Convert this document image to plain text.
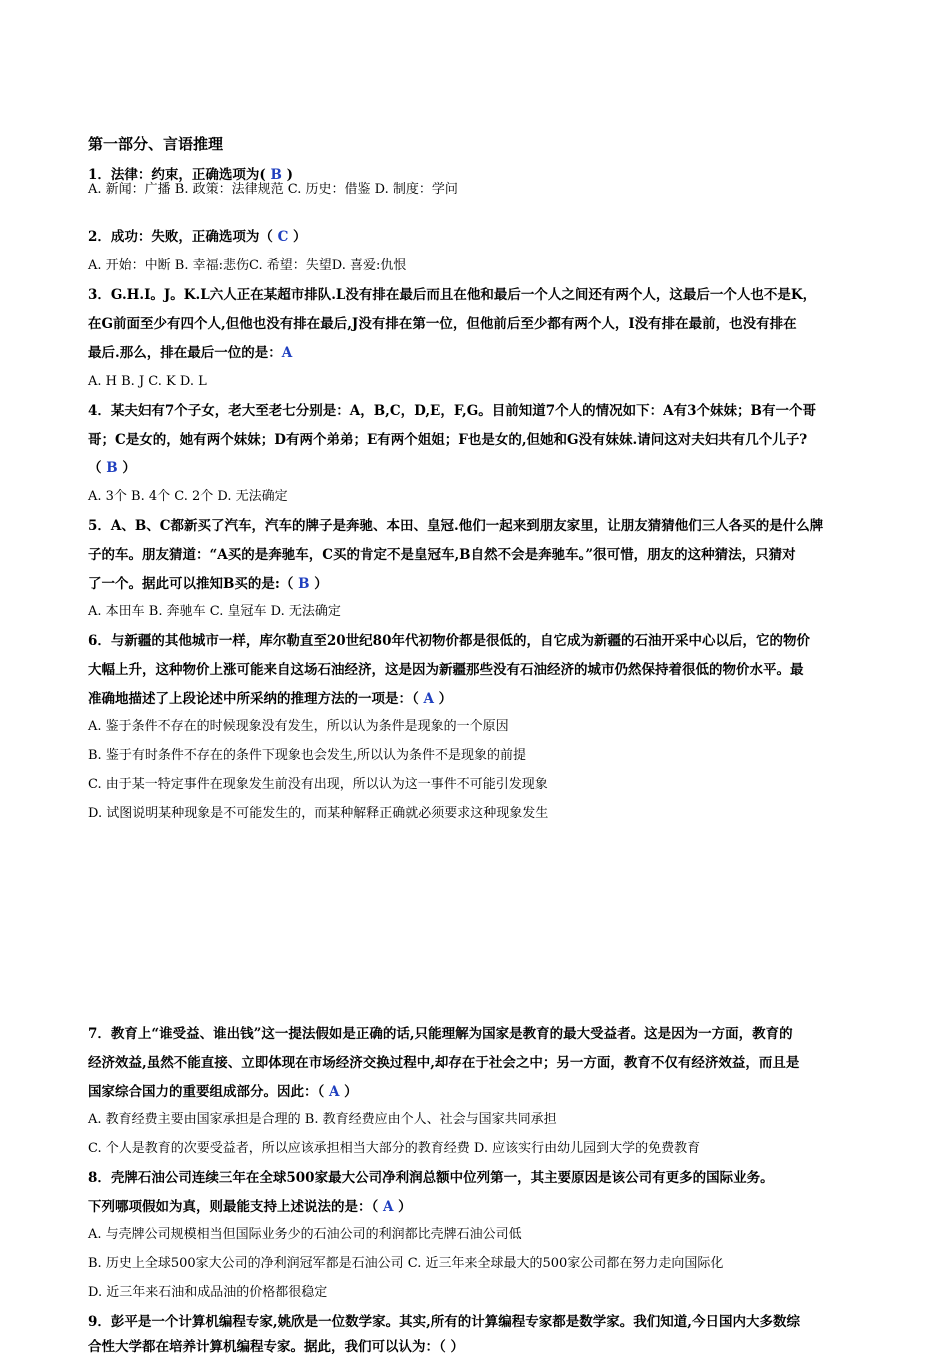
第一部分、言语推理
1．法律：约束，正确选项为( B )
A. 新闻：广播 B. 政策：法律规范 C. 历史：借鉴 D. 制度：学问
2．成功：失败，正确选项为（ C ）
A. 开始：中断 B. 幸福:悲伤C. 希望：失望D. 喜爱:仇恨
3．G.H.I。J。K.L六人正在某超市排队.L没有排在最后而且在他和最后一个人之间还有两个人，这最后一个人也不是K，
在G前面至少有四个人,但他也没有排在最后,J没有排在第一位，但他前后至少都有两个人，I没有排在最前，也没有排在
最后.那么，排在最后一位的是：A
A. H B. J C. K D. L
4．某夫妇有7个子女，老大至老七分别是：A，B,C，D,E，F,G。目前知道7个人的情况如下：A有3个妹妹；B有一个哥
哥；C是女的，她有两个妹妹；D有两个弟弟；E有两个姐姐；F也是女的,但她和G没有妹妹.请问这对夫妇共有几个儿子?
（ B ）
A. 3个 B. 4个 C. 2个 D. 无法确定
5．A、B、C都新买了汽车，汽车的牌子是奔驰、本田、皇冠.他们一起来到朋友家里，让朋友猜猜他们三人各买的是什么牌
子的车。朋友猜道：“A买的是奔驰车，C买的肯定不是皇冠车,B自然不会是奔驰车。”很可惜，朋友的这种猜法，只猜对
了一个。据此可以推知B买的是:（ B ）
A. 本田车 B. 奔驰车 C. 皇冠车 D. 无法确定
6．与新疆的其他城市一样，库尔勒直至20世纪80年代初物价都是很低的，自它成为新疆的石油开采中心以后，它的物价
大幅上升，这种物价上涨可能来自这场石油经济，这是因为新疆那些没有石油经济的城市仍然保持着很低的物价水平。最
准确地描述了上段论述中所采纳的推理方法的一项是：（ A ）
A. 鉴于条件不存在的时候现象没有发生，所以认为条件是现象的一个原因
B. 鉴于有时条件不存在的条件下现象也会发生,所以认为条件不是现象的前提
C. 由于某一特定事件在现象发生前没有出现，所以认为这一事件不可能引发现象
D. 试图说明某种现象是不可能发生的，而某种解释正确就必须要求这种现象发生
7．教育上“谁受益、谁出钱”这一提法假如是正确的话,只能理解为国家是教育的最大受益者。这是因为一方面，教育的
经济效益,虽然不能直接、立即体现在市场经济交换过程中,却存在于社会之中；另一方面，教育不仅有经济效益，而且是
国家综合国力的重要组成部分。因此：（ A ）
A. 教育经费主要由国家承担是合理的 B. 教育经费应由个人、社会与国家共同承担
C. 个人是教育的次要受益者，所以应该承担相当大部分的教育经费 D. 应该实行由幼儿园到大学的免费教育
8．壳牌石油公司连续三年在全球500家最大公司净利润总额中位列第一，其主要原因是该公司有更多的国际业务。
下列哪项假如为真，则最能支持上述说法的是：（ A ）
A. 与壳牌公司规模相当但国际业务少的石油公司的利润都比壳牌石油公司低
B. 历史上全球500家大公司的净利润冠军都是石油公司 C. 近三年来全球最大的500家公司都在努力走向国际化
D. 近三年来石油和成品油的价格都很稳定
9．彭平是一个计算机编程专家,姚欣是一位数学家。其实,所有的计算编程专家都是数学家。我们知道,今日国内大多数综
合性大学都在培养计算机编程专家。据此，我们可以认为：（ ）
